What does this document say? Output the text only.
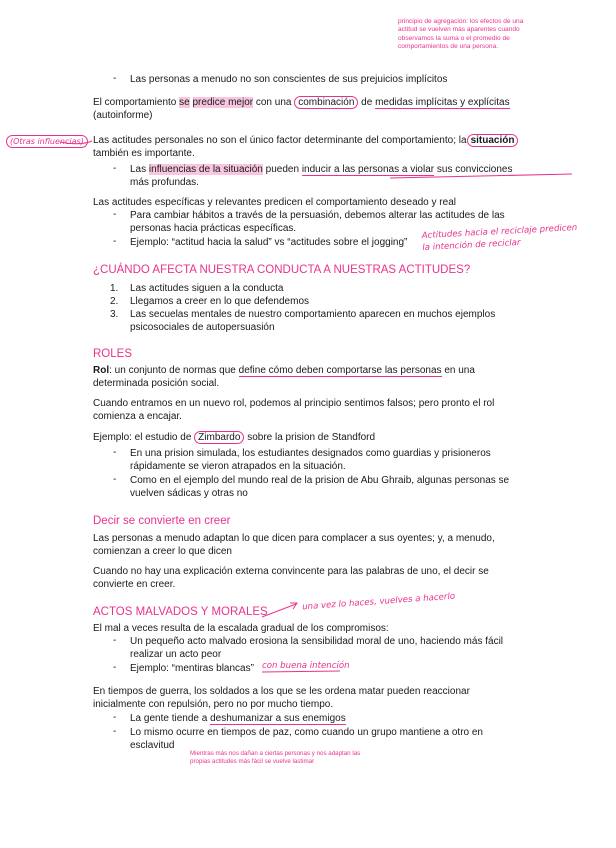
principio de agregación: los efectos de una
actitud se vuelven más aparentes cuando
observamos la suma o el promedio de
comportamientos de una persona.
- Las personas a menudo no son conscientes de sus prejuicios implícitos
El comportamiento se predice mejor con una combinación de medidas implícitas y explícitas
(autoinforme)
(Otras influencias) Las actitudes personales no son el único factor determinante del comportamiento; la situación
también es importante.
- Las influencias de la situación pueden inducir a las personas a violar sus convicciones
más profundas.
Las actitudes específicas y relevantes predicen el comportamiento deseado y real
- Para cambiar hábitos a través de la persuasión, debemos alterar las actitudes de las
personas hacia prácticas específicas.
- Ejemplo: “actitud hacia la salud” vs “actitudes sobre el jogging”
Actitudes hacia el reciclaje predicen
la intención de reciclar
¿CUÁNDO AFECTA NUESTRA CONDUCTA A NUESTRAS ACTITUDES?
1. Las actitudes siguen a la conducta
2. Llegamos a creer en lo que defendemos
3. Las secuelas mentales de nuestro comportamiento aparecen en muchos ejemplos
psicosociales de autopersuasión
ROLES
Rol: un conjunto de normas que define cómo deben comportarse las personas en una
determinada posición social.
Cuando entramos en un nuevo rol, podemos al principio sentimos falsos; pero pronto el rol
comienza a encajar.
Ejemplo: el estudio de Zimbardo sobre la prision de Standford
- En una prision simulada, los estudiantes designados como guardias y prisioneros
rápidamente se vieron atrapados en la situación.
- Como en el ejemplo del mundo real de la prision de Abu Ghraib, algunas personas se
vuelven sádicas y otras no
Decir se convierte en creer
Las personas a menudo adaptan lo que dicen para complacer a sus oyentes; y, a menudo,
comienzan a creer lo que dicen
Cuando no hay una explicación externa convincente para las palabras de uno, el decir se
convierte en creer.
ACTOS MALVADOS Y MORALES	una vez lo haces, vuelves a hacerlo
El mal a veces resulta de la escalada gradual de los compromisos:
- Un pequeño acto malvado erosiona la sensibilidad moral de uno, haciendo más fácil
realizar un acto peor
- Ejemplo: “mentiras blancas” con buena intención
En tiempos de guerra, los soldados a los que se les ordena matar pueden reaccionar
inicialmente con repulsión, pero no por mucho tiempo.
- La gente tiende a deshumanizar a sus enemigos
- Lo mismo ocurre en tiempos de paz, como cuando un grupo mantiene a otro en
esclavitud
Mientras más nos dañan a ciertas personas y nos adaptan las
propias actitudes más fácil se vuelve lastimar
